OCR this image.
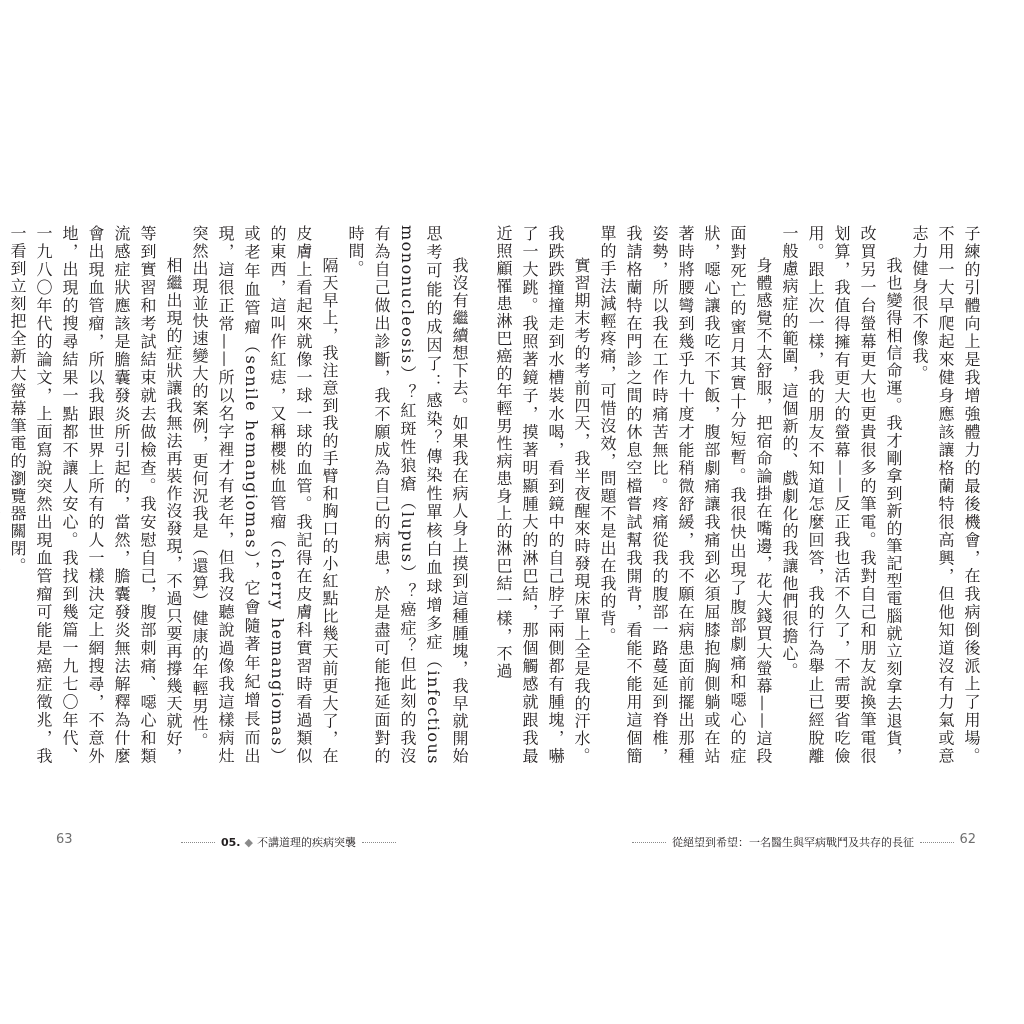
子練的引體向上是我增強體力的最後機會，在我病倒後派上了用場。不用一大早爬起來健身應該讓格蘭特很高興，但他知道沒有力氣或意志力健身很不像我。

我也變得相信命運。我才剛拿到新的筆記型電腦就立刻拿去退貨，改買另一台螢幕更大也更貴很多的筆電。我對自己和朋友說換筆電很划算，我值得擁有更大的螢幕——反正我也活不久了，不需要省吃儉用。跟上次一樣，我的朋友不知道怎麼回答，我的行為舉止已經脫離一般慮病症的範圍，這個新的、戲劇化的我讓他們很擔心。

身體感覺不太舒服，把宿命論掛在嘴邊，花大錢買大螢幕——這段面對死亡的蜜月其實十分短暫。我很快出現了腹部劇痛和噁心的症狀，噁心讓我吃不下飯，腹部劇痛讓我痛到必須屈膝抱胸側躺或在站著時將腰彎到幾乎九十度才能稍微舒緩，我不願在病患面前擺出那種姿勢，所以我在工作時痛苦無比。疼痛從我的腹部一路蔓延到脊椎，我請格蘭特在門診之間的休息空檔嘗試幫我開背，看能不能用這個簡單的手法減輕疼痛，可惜沒效，問題不是出在我的背。

實習期末考的考前四天，我半夜醒來時發現床單上全是我的汗水。我跌跌撞撞走到水槽裝水喝，看到鏡中的自己脖子兩側都有腫塊，嚇了一大跳。我照著鏡子，摸著明顯腫大的淋巴結，那個觸感就跟我最近照顧罹患淋巴癌的年輕男性病患身上的淋巴結一樣，不過

從絕望到希望：一名醫生與罕病戰鬥及共存的長征	62

我沒有繼續想下去。如果我在病人身上摸到這種腫塊，我早就開始思考可能的成因了：感染？傳染性單核白血球增多症（infectious mononucleosis）？紅斑性狼瘡（lupus）？癌症？但此刻的我沒有為自己做出診斷，我不願成為自己的病患，於是盡可能拖延面對的時間。

隔天早上，我注意到我的手臂和胸口的小紅點比幾天前更大了，在皮膚上看起來就像一球一球的血管。我記得在皮膚科實習時看過類似的東西，這叫作紅痣，又稱櫻桃血管瘤（cherry hemangiomas）或老年血管瘤（senile hemangiomas），它會隨著年紀增長而出現，這很正常——所以名字裡才有老年，但我沒聽說過像我這樣病灶突然出現並快速變大的案例，更何況我是（還算）健康的年輕男性。

相繼出現的症狀讓我無法再裝作沒發現，不過只要再撐幾天就好，等到實習和考試結束就去做檢查。我安慰自己，腹部刺痛、噁心和類流感症狀應該是膽囊發炎所引起的，當然，膽囊發炎無法解釋為什麼會出現血管瘤，所以我跟世界上所有的人一樣決定上網搜尋，不意外地，出現的搜尋結果一點都不讓人安心。我找到幾篇一九七〇年代、一九八〇年代的論文，上面寫說突然出現血管瘤可能是癌症徵兆，我一看到立刻把全新大螢幕筆電的瀏覽器關閉。

63	05. ◆ 不講道理的疾病突襲
